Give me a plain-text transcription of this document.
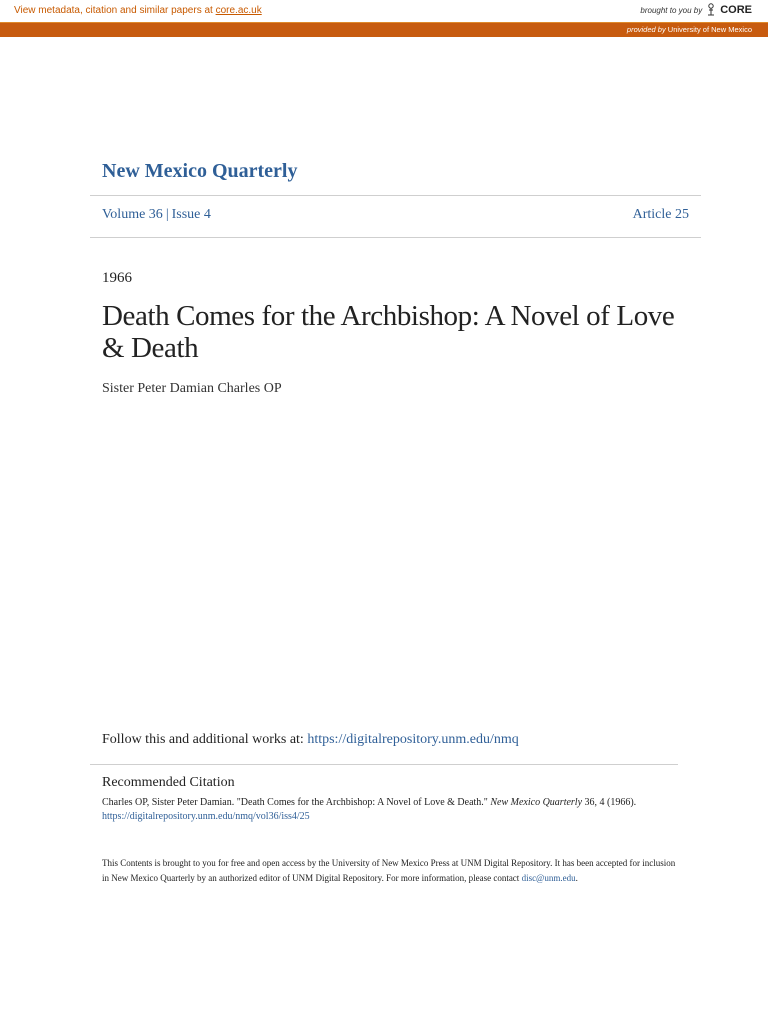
View metadata, citation and similar papers at core.ac.uk	brought to you by CORE
provided by University of New Mexico
New Mexico Quarterly
Volume 36 | Issue 4	Article 25
1966
Death Comes for the Archbishop: A Novel of Love & Death
Sister Peter Damian Charles OP
Follow this and additional works at: https://digitalrepository.unm.edu/nmq
Recommended Citation
Charles OP, Sister Peter Damian. "Death Comes for the Archbishop: A Novel of Love & Death." New Mexico Quarterly 36, 4 (1966).
https://digitalrepository.unm.edu/nmq/vol36/iss4/25
This Contents is brought to you for free and open access by the University of New Mexico Press at UNM Digital Repository. It has been accepted for inclusion in New Mexico Quarterly by an authorized editor of UNM Digital Repository. For more information, please contact disc@unm.edu.
